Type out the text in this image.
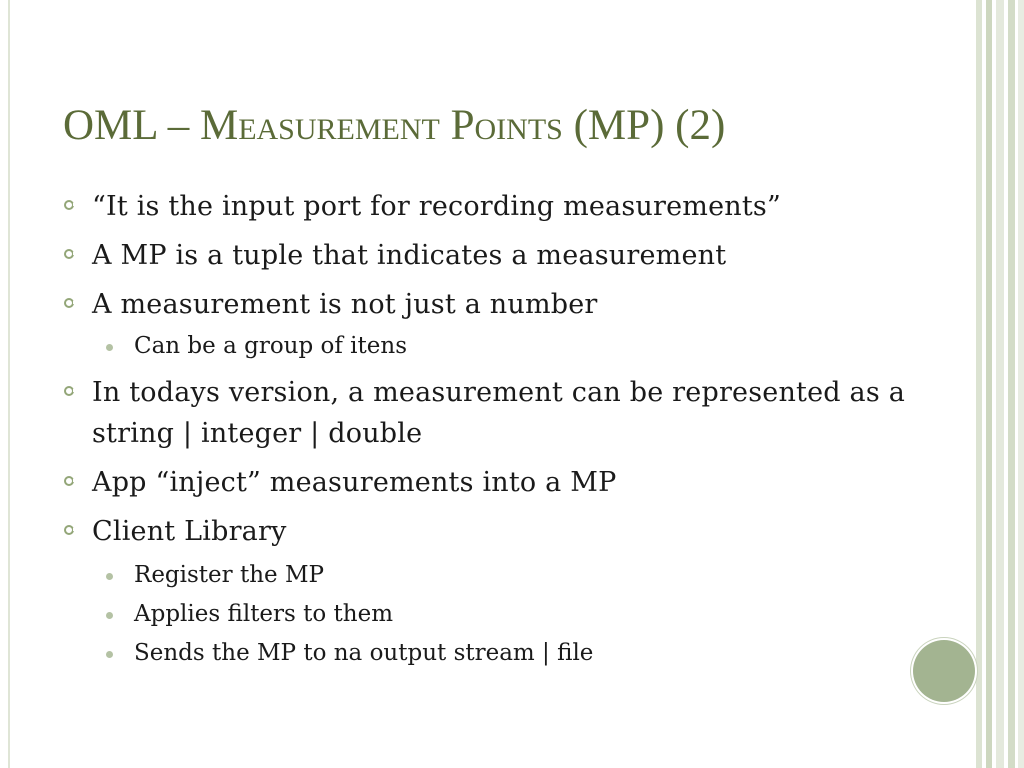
OML – Measurement Points (MP) (2)
“It is the input port for recording measurements”
A MP is a tuple that indicates a measurement
A measurement is not just a number
Can be a group of itens
In todays version, a measurement can be represented as a string | integer | double
App “inject” measurements into a MP
Client Library
Register the MP
Applies filters to them
Sends the MP to na output stream | file
